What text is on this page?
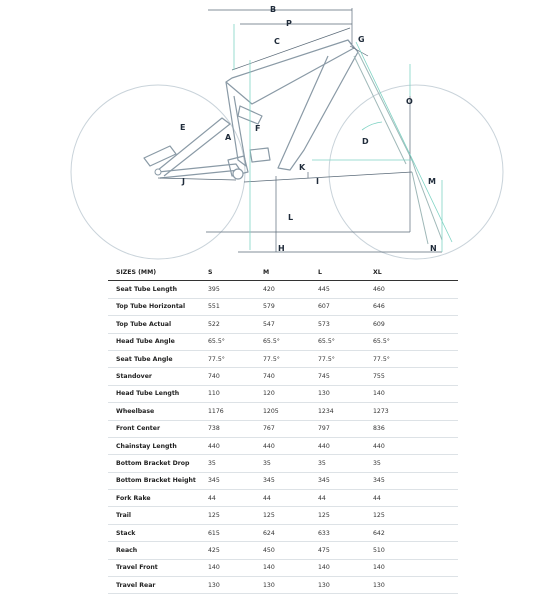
B
P
C	G
O
E	F
A	D
K
J	I	M
L
H	N
SIZES (MM)	S	M	L	XL
Seat Tube Length	395	420	445	460
Top Tube Horizontal	551	579	607	646
Top Tube Actual	522	547	573	609
Head Tube Angle	65.5°	65.5°	65.5°	65.5°
Seat Tube Angle	77.5°	77.5°	77.5°	77.5°
Standover	740	740	745	755
Head Tube Length	110	120	130	140
Wheelbase	1176	1205	1234	1273
Front Center	738	767	797	836
Chainstay Length	440	440	440	440
Bottom Bracket Drop	35	35	35	35
Bottom Bracket Height	345	345	345	345
Fork Rake	44	44	44	44
Trail	125	125	125	125
Stack	615	624	633	642
Reach	425	450	475	510
Travel Front	140	140	140	140
Travel Rear	130	130	130	130
